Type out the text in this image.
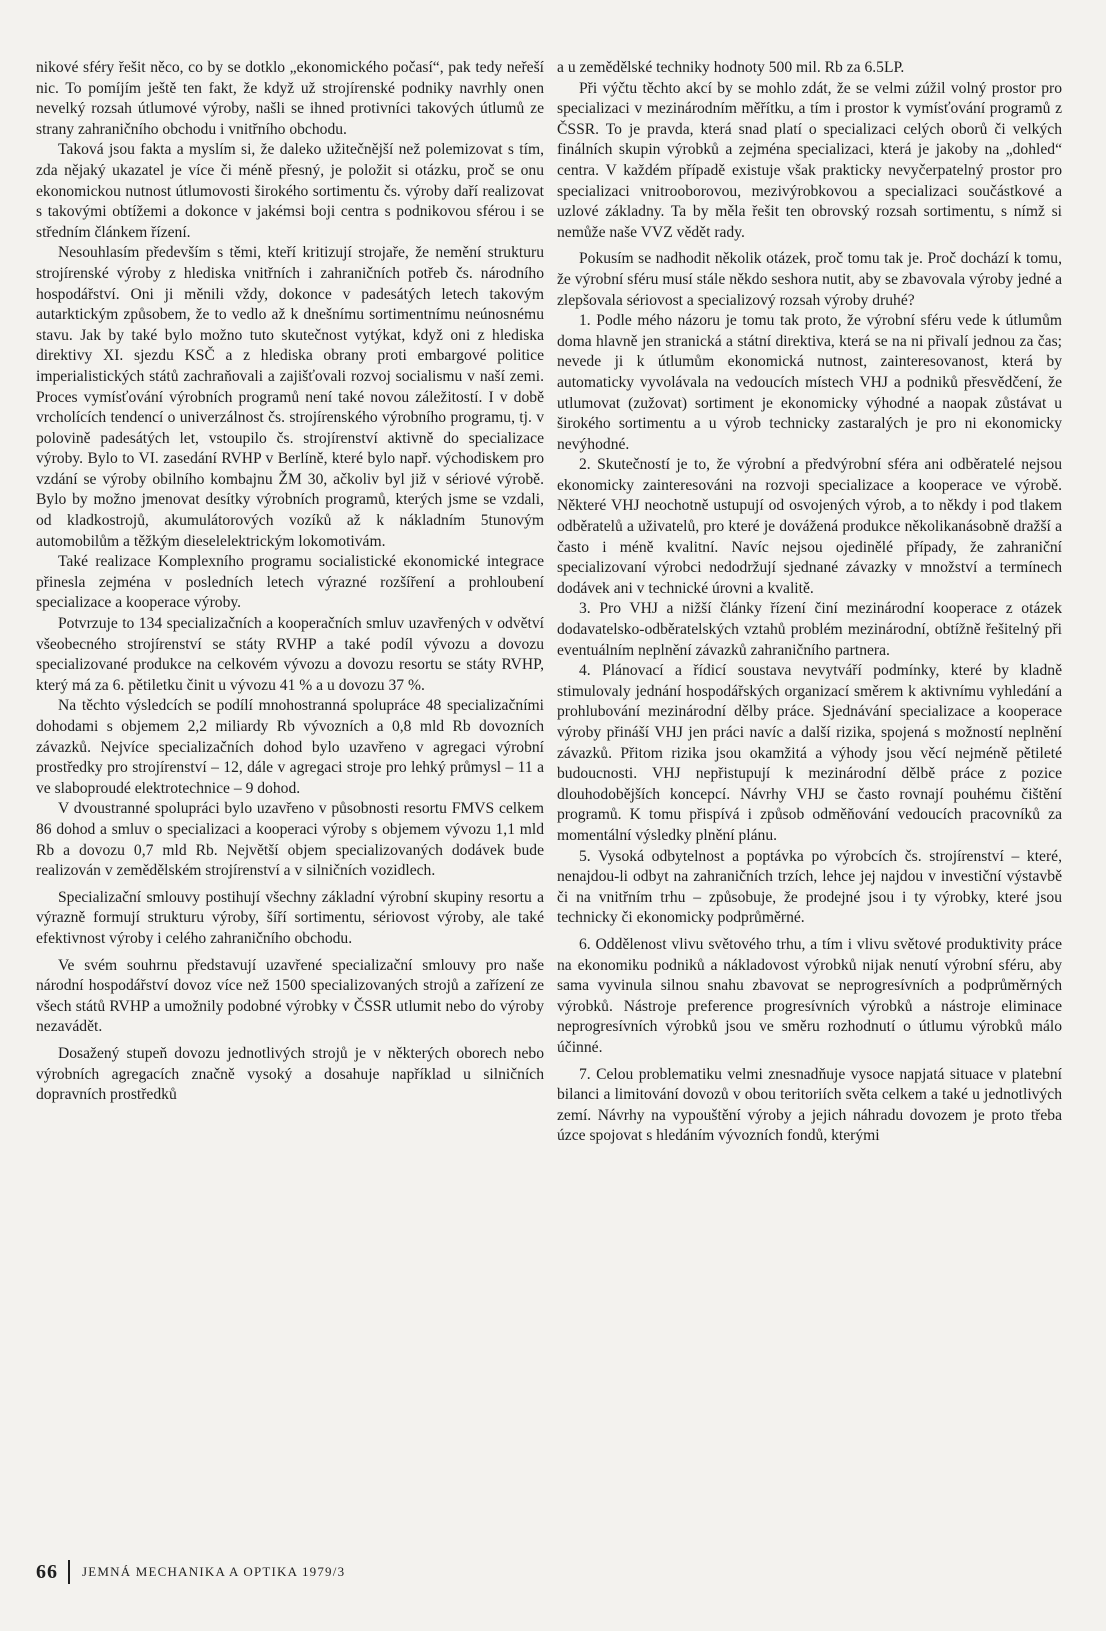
nikové sféry řešit něco, co by se dotklo „ekonomického počasí“, pak tedy neřeší nic. To pomíjím ještě ten fakt, že když už strojírenské podniky navrhly onen nevelký rozsah útlumové výroby, našli se ihned protivníci takových útlumů ze strany zahraničního obchodu i vnitřního obchodu.

Taková jsou fakta a myslím si, že daleko užitečnější než polemizovat s tím, zda nějaký ukazatel je více či méně přesný, je položit si otázku, proč se onu ekonomickou nutnost útlumovosti širokého sortimentu čs. výroby daří realizovat s takovými obtížemi a dokonce v jakémsi boji centra s podnikovou sférou i se středním článkem řízení.

Nesouhlasím především s těmi, kteří kritizují strojaře, že nemění strukturu strojírenské výroby z hlediska vnitřních i zahraničních potřeb čs. národního hospodářství. Oni ji měnili vždy, dokonce v padesátých letech takovým autarktickým způsobem, že to vedlo až k dnešnímu sortimentnímu neúnosnému stavu. Jak by také bylo možno tuto skutečnost vytýkat, když oni z hlediska direktivy XI. sjezdu KSČ a z hlediska obrany proti embargové politice imperialistických států zachraňovali a zajišťovali rozvoj socialismu v naší zemi. Proces vymísťování výrobních programů není také novou záležitostí. I v době vrcholících tendencí o univerzálnost čs. strojírenského výrobního programu, tj. v polovině padesátých let, vstoupilo čs. strojírenství aktivně do specializace výroby. Bylo to VI. zasedání RVHP v Berlíně, které bylo např. východiskem pro vzdání se výroby obilního kombajnu ŽM 30, ačkoliv byl již v sériové výrobě. Bylo by možno jmenovat desítky výrobních programů, kterých jsme se vzdali, od kladkostrojů, akumulátorových vozíků až k nákladním 5tunovým automobilům a těžkým dieselelektrickým lokomotivám.

Také realizace Komplexního programu socialistické ekonomické integrace přinesla zejména v posledních letech výrazné rozšíření a prohloubení specializace a kooperace výroby.

Potvrzuje to 134 specializačních a kooperačních smluv uzavřených v odvětví všeobecného strojírenství se státy RVHP a také podíl vývozu a dovozu specializované produkce na celkovém vývozu a dovozu resortu se státy RVHP, který má za 6. pětiletku činit u vývozu 41 % a u dovozu 37 %.

Na těchto výsledcích se podílí mnohostranná spolupráce 48 specializačními dohodami s objemem 2,2 miliardy Rb vývozních a 0,8 mld Rb dovozních závazků. Nejvíce specializačních dohod bylo uzavřeno v agregaci výrobní prostředky pro strojírenství – 12, dále v agregaci stroje pro lehký průmysl – 11 a ve slaboproudé elektrotechnice – 9 dohod.

V dvoustranné spolupráci bylo uzavřeno v působnosti resortu FMVS celkem 86 dohod a smluv o specializaci a kooperaci výroby s objemem vývozu 1,1 mld Rb a dovozu 0,7 mld Rb. Největší objem specializovaných dodávek bude realizován v zemědělském strojírenství a v silničních vozidlech.

Specializační smlouvy postihují všechny základní výrobní skupiny resortu a výrazně formují strukturu výroby, šíří sortimentu, sériovost výroby, ale také efektivnost výroby i celého zahraničního obchodu.

Ve svém souhrnu představují uzavřené specializační smlouvy pro naše národní hospodářství dovoz více než 1500 specializovaných strojů a zařízení ze všech států RVHP a umožnily podobné výrobky v ČSSR utlumit nebo do výroby nezavádět.

Dosažený stupeň dovozu jednotlivých strojů je v některých oborech nebo výrobních agregacích značně vysoký a dosahuje například u silničních dopravních prostředků

a u zemědělské techniky hodnoty 500 mil. Rb za 6.5LP.

Při výčtu těchto akcí by se mohlo zdát, že se velmi zúžil volný prostor pro specializaci v mezinárodním měřítku, a tím i prostor k vymísťování programů z ČSSR. To je pravda, která snad platí o specializaci celých oborů či velkých finálních skupin výrobků a zejména specializaci, která je jakoby na „dohled“ centra. V každém případě existuje však prakticky nevyčerpatelný prostor pro specializaci vnitrooborovou, mezivýrobkovou a specializaci součástkové a uzlové základny. Ta by měla řešit ten obrovský rozsah sortimentu, s nímž si nemůže naše VVZ vědět rady.

Pokusím se nadhodit několik otázek, proč tomu tak je. Proč dochází k tomu, že výrobní sféru musí stále někdo seshora nutit, aby se zbavovala výroby jedné a zlepšovala sériovost a specializový rozsah výroby druhé?

1. Podle mého názoru je tomu tak proto, že výrobní sféru vede k útlumům doma hlavně jen stranická a státní direktiva, která se na ni přivalí jednou za čas; nevede ji k útlumům ekonomická nutnost, zainteresovanost, která by automaticky vyvolávala na vedoucích místech VHJ a podniků přesvědčení, že utlumovat (zužovat) sortiment je ekonomicky výhodné a naopak zůstávat u širokého sortimentu a u výrob technicky zastaralých je pro ni ekonomicky nevýhodné.

2. Skutečností je to, že výrobní a předvýrobní sféra ani odběratelé nejsou ekonomicky zainteresováni na rozvoji specializace a kooperace ve výrobě. Některé VHJ neochotně ustupují od osvojených výrob, a to někdy i pod tlakem odběratelů a uživatelů, pro které je dovážená produkce několikanásobně dražší a často i méně kvalitní. Navíc nejsou ojedinělé případy, že zahraniční specializovaní výrobci nedodržují sjednané závazky v množství a termínech dodávek ani v technické úrovni a kvalitě.

3. Pro VHJ a nižší články řízení činí mezinárodní kooperace z otázek dodavatelsko-odběratelských vztahů problém mezinárodní, obtížně řešitelný při eventuálním neplnění závazků zahraničního partnera.

4. Plánovací a řídicí soustava nevytváří podmínky, které by kladně stimulovaly jednání hospodářských organizací směrem k aktivnímu vyhledání a prohlubování mezinárodní dělby práce. Sjednávání specializace a kooperace výroby přináší VHJ jen práci navíc a další rizika, spojená s možností neplnění závazků. Přitom rizika jsou okamžitá a výhody jsou věcí nejméně pětileté budoucnosti. VHJ nepřistupují k mezinárodní dělbě práce z pozice dlouhodobějších koncepcí. Návrhy VHJ se často rovnají pouhému čištění programů. K tomu přispívá i způsob odměňování vedoucích pracovníků za momentální výsledky plnění plánu.

5. Vysoká odbytelnost a poptávka po výrobcích čs. strojírenství – které, nenajdou-li odbyt na zahraničních trzích, lehce jej najdou v investiční výstavbě či na vnitřním trhu – způsobuje, že prodejné jsou i ty výrobky, které jsou technicky či ekonomicky podprůměrné.

6. Oddělenost vlivu světového trhu, a tím i vlivu světové produktivity práce na ekonomiku podniků a nákladovost výrobků nijak nenutí výrobní sféru, aby sama vyvinula silnou snahu zbavovat se neprogresívních a podprůměrných výrobků. Nástroje preference progresívních výrobků a nástroje eliminace neprogresívních výrobků jsou ve směru rozhodnutí o útlumu výrobků málo účinné.

7. Celou problematiku velmi znesnadňuje vysoce napjatá situace v platební bilanci a limitování dovozů v obou teritoriích světa celkem a také u jednotlivých zemí. Návrhy na vypouštění výroby a jejich náhradu dovozem je proto třeba úzce spojovat s hledáním vývozních fondů, kterými

66 JEMNÁ MECHANIKA A OPTIKA 1979/3
